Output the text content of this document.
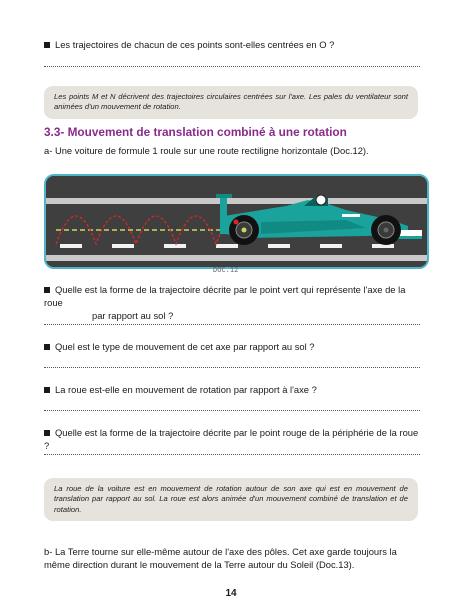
Les trajectoires de chacun de ces points sont-elles centrées en O ?
Les points M et N décrivent des trajectoires circulaires centrées sur l'axe. Les pales du ventilateur sont animées d'un mouvement de rotation.
3.3- Mouvement de translation combiné à une rotation
a- Une voiture de formule 1 roule sur une route rectiligne horizontale (Doc.12).
DOC.12
Quelle est la forme de la trajectoire décrite par le point vert qui représente l'axe de la roue
par rapport au sol ?
Quel est le type de mouvement de cet axe par rapport au sol ?
La roue est-elle en mouvement de rotation par rapport à l'axe ?
Quelle est la forme de la trajectoire décrite par le point rouge de la périphérie de la roue ?
La roue de la voiture est en mouvement de rotation autour de son axe qui est en mouvement de translation par rapport au sol. La roue est alors animée d'un mouvement combiné de translation et de rotation.
b- La Terre tourne sur elle-même autour de l'axe des pôles. Cet axe garde toujours la même direction durant le mouvement de la Terre autour du Soleil (Doc.13).
14
